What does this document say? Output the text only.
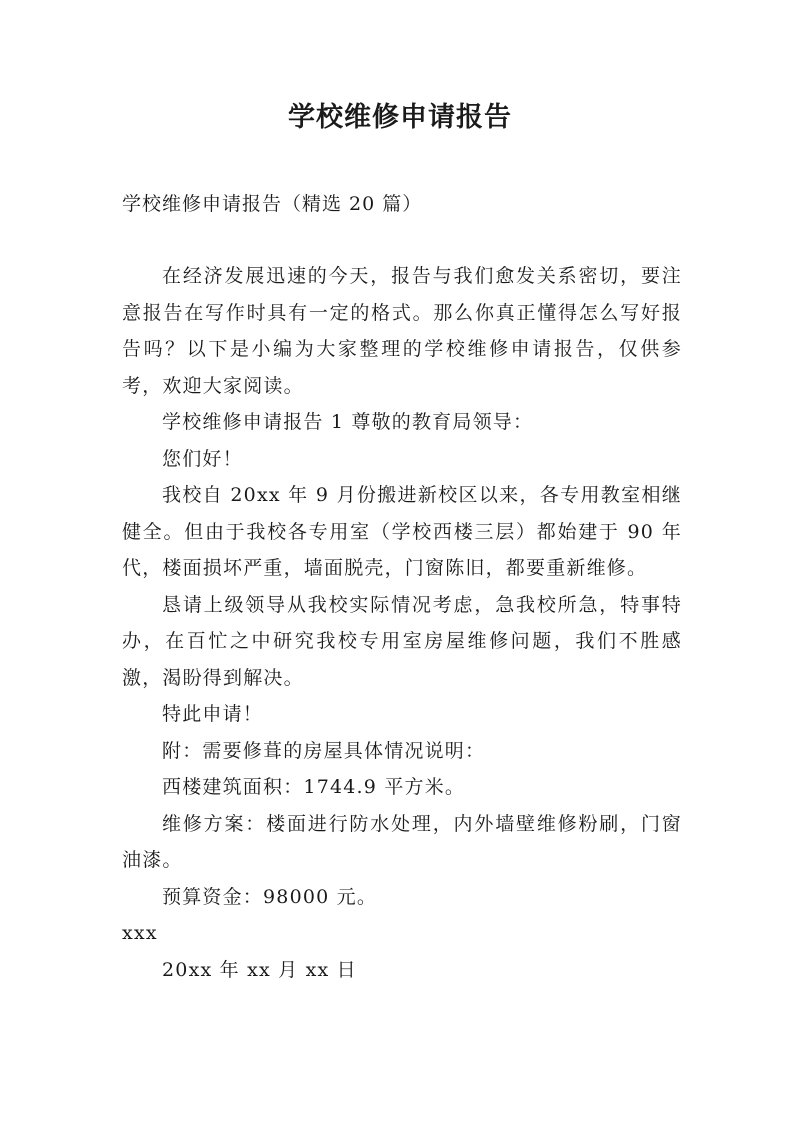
学校维修申请报告
学校维修申请报告（精选 20 篇）

在经济发展迅速的今天，报告与我们愈发关系密切，要注意报告在写作时具有一定的格式。那么你真正懂得怎么写好报告吗？以下是小编为大家整理的学校维修申请报告，仅供参考，欢迎大家阅读。

学校维修申请报告 1 尊敬的教育局领导：

您们好！

我校自 20xx 年 9 月份搬进新校区以来，各专用教室相继健全。但由于我校各专用室（学校西楼三层）都始建于 90 年代，楼面损坏严重，墙面脱壳，门窗陈旧，都要重新维修。

恳请上级领导从我校实际情况考虑，急我校所急，特事特办，在百忙之中研究我校专用室房屋维修问题，我们不胜感激，渴盼得到解决。

特此申请！

附：需要修葺的房屋具体情况说明：

西楼建筑面积：1744.9 平方米。

维修方案：楼面进行防水处理，内外墙壁维修粉刷，门窗油漆。

预算资金：98000 元。

xxx

20xx 年 xx 月 xx 日
